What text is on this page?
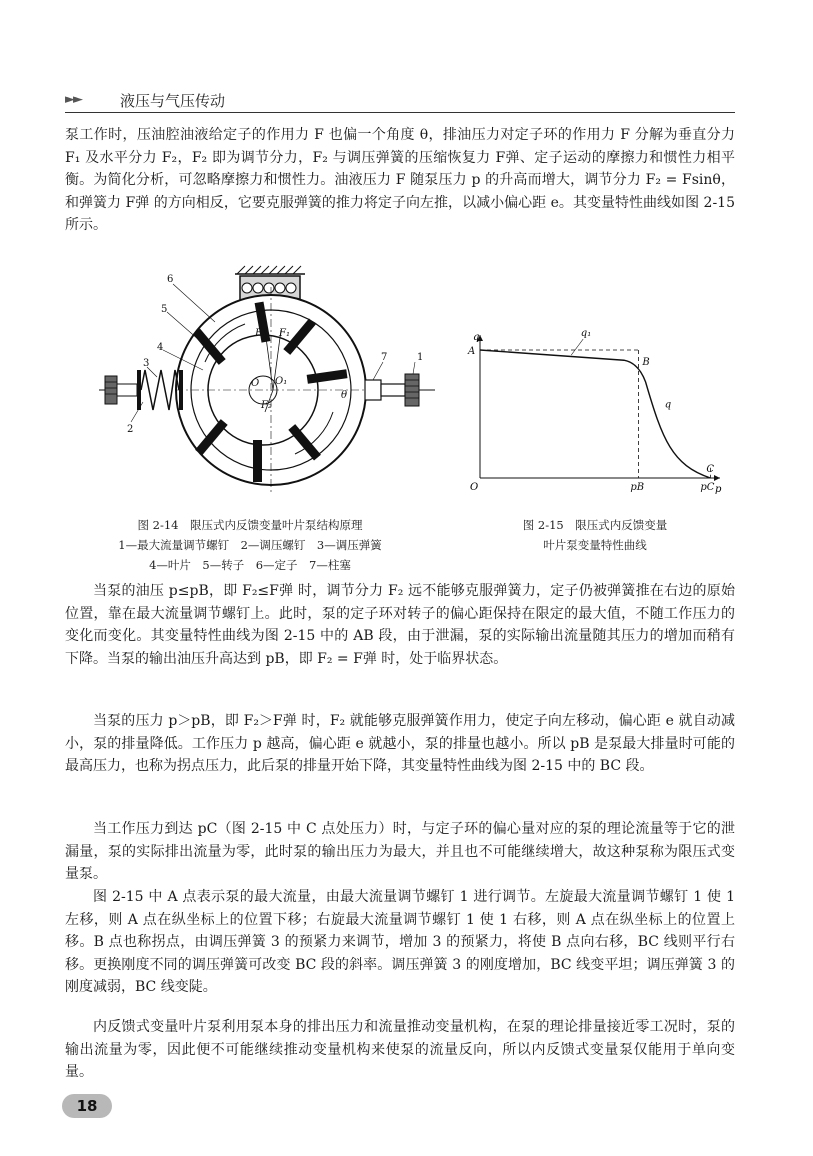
►►	液压与气压传动
泵工作时，压油腔油液给定子的作用力 F 也偏一个角度 θ，排油压力对定子环的作用力 F 分解为垂直分力 F₁ 及水平分力 F₂，F₂ 即为调节分力，F₂ 与调压弹簧的压缩恢复力 F弹、定子运动的摩擦力和惯性力相平衡。为简化分析，可忽略摩擦力和惯性力。油液压力 F 随泵压力 p 的升高而增大，调节分力 F₂ = Fsinθ，和弹簧力 F弹 的方向相反，它要克服弹簧的推力将定子向左推，以减小偏心距 e。其变量特性曲线如图 2-15 所示。
6
5
4
3
2
7	1
O O₁
F F₁
F₂
θ
A
B
C
q₁
q
pB	pC
q
p
O
图 2-14　限压式内反馈变量叶片泵结构原理
1—最大流量调节螺钉　2—调压螺钉　3—调压弹簧
4—叶片　5—转子　6—定子　7—柱塞
图 2-15　限压式内反馈变量
叶片泵变量特性曲线
当泵的油压 p≤pB，即 F₂≤F弹 时，调节分力 F₂ 远不能够克服弹簧力，定子仍被弹簧推在右边的原始位置，靠在最大流量调节螺钉上。此时，泵的定子环对转子的偏心距保持在限定的最大值，不随工作压力的变化而变化。其变量特性曲线为图 2-15 中的 AB 段，由于泄漏，泵的实际输出流量随其压力的增加而稍有下降。当泵的输出油压升高达到 pB，即 F₂ = F弹 时，处于临界状态。
当泵的压力 p＞pB，即 F₂＞F弹 时，F₂ 就能够克服弹簧作用力，使定子向左移动，偏心距 e 就自动减小，泵的排量降低。工作压力 p 越高，偏心距 e 就越小，泵的排量也越小。所以 pB 是泵最大排量时可能的最高压力，也称为拐点压力，此后泵的排量开始下降，其变量特性曲线为图 2-15 中的 BC 段。
当工作压力到达 pC（图 2-15 中 C 点处压力）时，与定子环的偏心量对应的泵的理论流量等于它的泄漏量，泵的实际排出流量为零，此时泵的输出压力为最大，并且也不可能继续增大，故这种泵称为限压式变量泵。
图 2-15 中 A 点表示泵的最大流量，由最大流量调节螺钉 1 进行调节。左旋最大流量调节螺钉 1 使 1 左移，则 A 点在纵坐标上的位置下移；右旋最大流量调节螺钉 1 使 1 右移，则 A 点在纵坐标上的位置上移。B 点也称拐点，由调压弹簧 3 的预紧力来调节，增加 3 的预紧力，将使 B 点向右移，BC 线则平行右移。更换刚度不同的调压弹簧可改变 BC 段的斜率。调压弹簧 3 的刚度增加，BC 线变平坦；调压弹簧 3 的刚度减弱，BC 线变陡。
内反馈式变量叶片泵利用泵本身的排出压力和流量推动变量机构，在泵的理论排量接近零工况时，泵的输出流量为零，因此便不可能继续推动变量机构来使泵的流量反向，所以内反馈式变量泵仅能用于单向变量。
18
